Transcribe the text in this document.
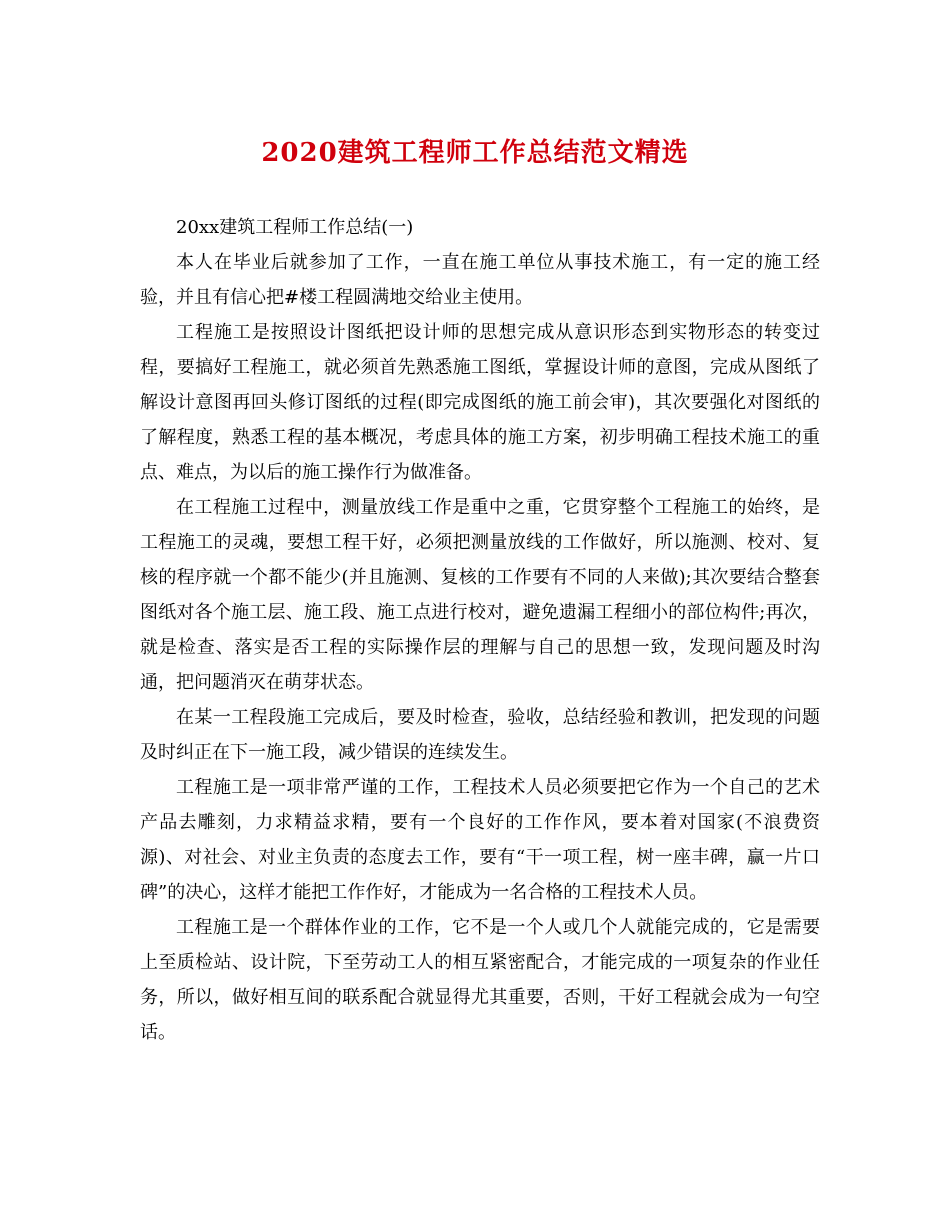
2020建筑工程师工作总结范文精选

20xx建筑工程师工作总结(一)

本人在毕业后就参加了工作，一直在施工单位从事技术施工，有一定的施工经验，并且有信心把#楼工程圆满地交给业主使用。

工程施工是按照设计图纸把设计师的思想完成从意识形态到实物形态的转变过程，要搞好工程施工，就必须首先熟悉施工图纸，掌握设计师的意图，完成从图纸了解设计意图再回头修订图纸的过程(即完成图纸的施工前会审)，其次要强化对图纸的了解程度，熟悉工程的基本概况，考虑具体的施工方案，初步明确工程技术施工的重点、难点，为以后的施工操作行为做准备。

在工程施工过程中，测量放线工作是重中之重，它贯穿整个工程施工的始终，是工程施工的灵魂，要想工程干好，必须把测量放线的工作做好，所以施测、校对、复核的程序就一个都不能少(并且施测、复核的工作要有不同的人来做);其次要结合整套图纸对各个施工层、施工段、施工点进行校对，避免遗漏工程细小的部位构件;再次，就是检查、落实是否工程的实际操作层的理解与自己的思想一致，发现问题及时沟通，把问题消灭在萌芽状态。

在某一工程段施工完成后，要及时检查，验收，总结经验和教训，把发现的问题及时纠正在下一施工段，减少错误的连续发生。

工程施工是一项非常严谨的工作，工程技术人员必须要把它作为一个自己的艺术产品去雕刻，力求精益求精，要有一个良好的工作作风，要本着对国家(不浪费资源)、对社会、对业主负责的态度去工作，要有“干一项工程，树一座丰碑，赢一片口碑”的决心，这样才能把工作作好，才能成为一名合格的工程技术人员。

工程施工是一个群体作业的工作，它不是一个人或几个人就能完成的，它是需要上至质检站、设计院，下至劳动工人的相互紧密配合，才能完成的一项复杂的作业任务，所以，做好相互间的联系配合就显得尤其重要，否则，干好工程就会成为一句空话。
